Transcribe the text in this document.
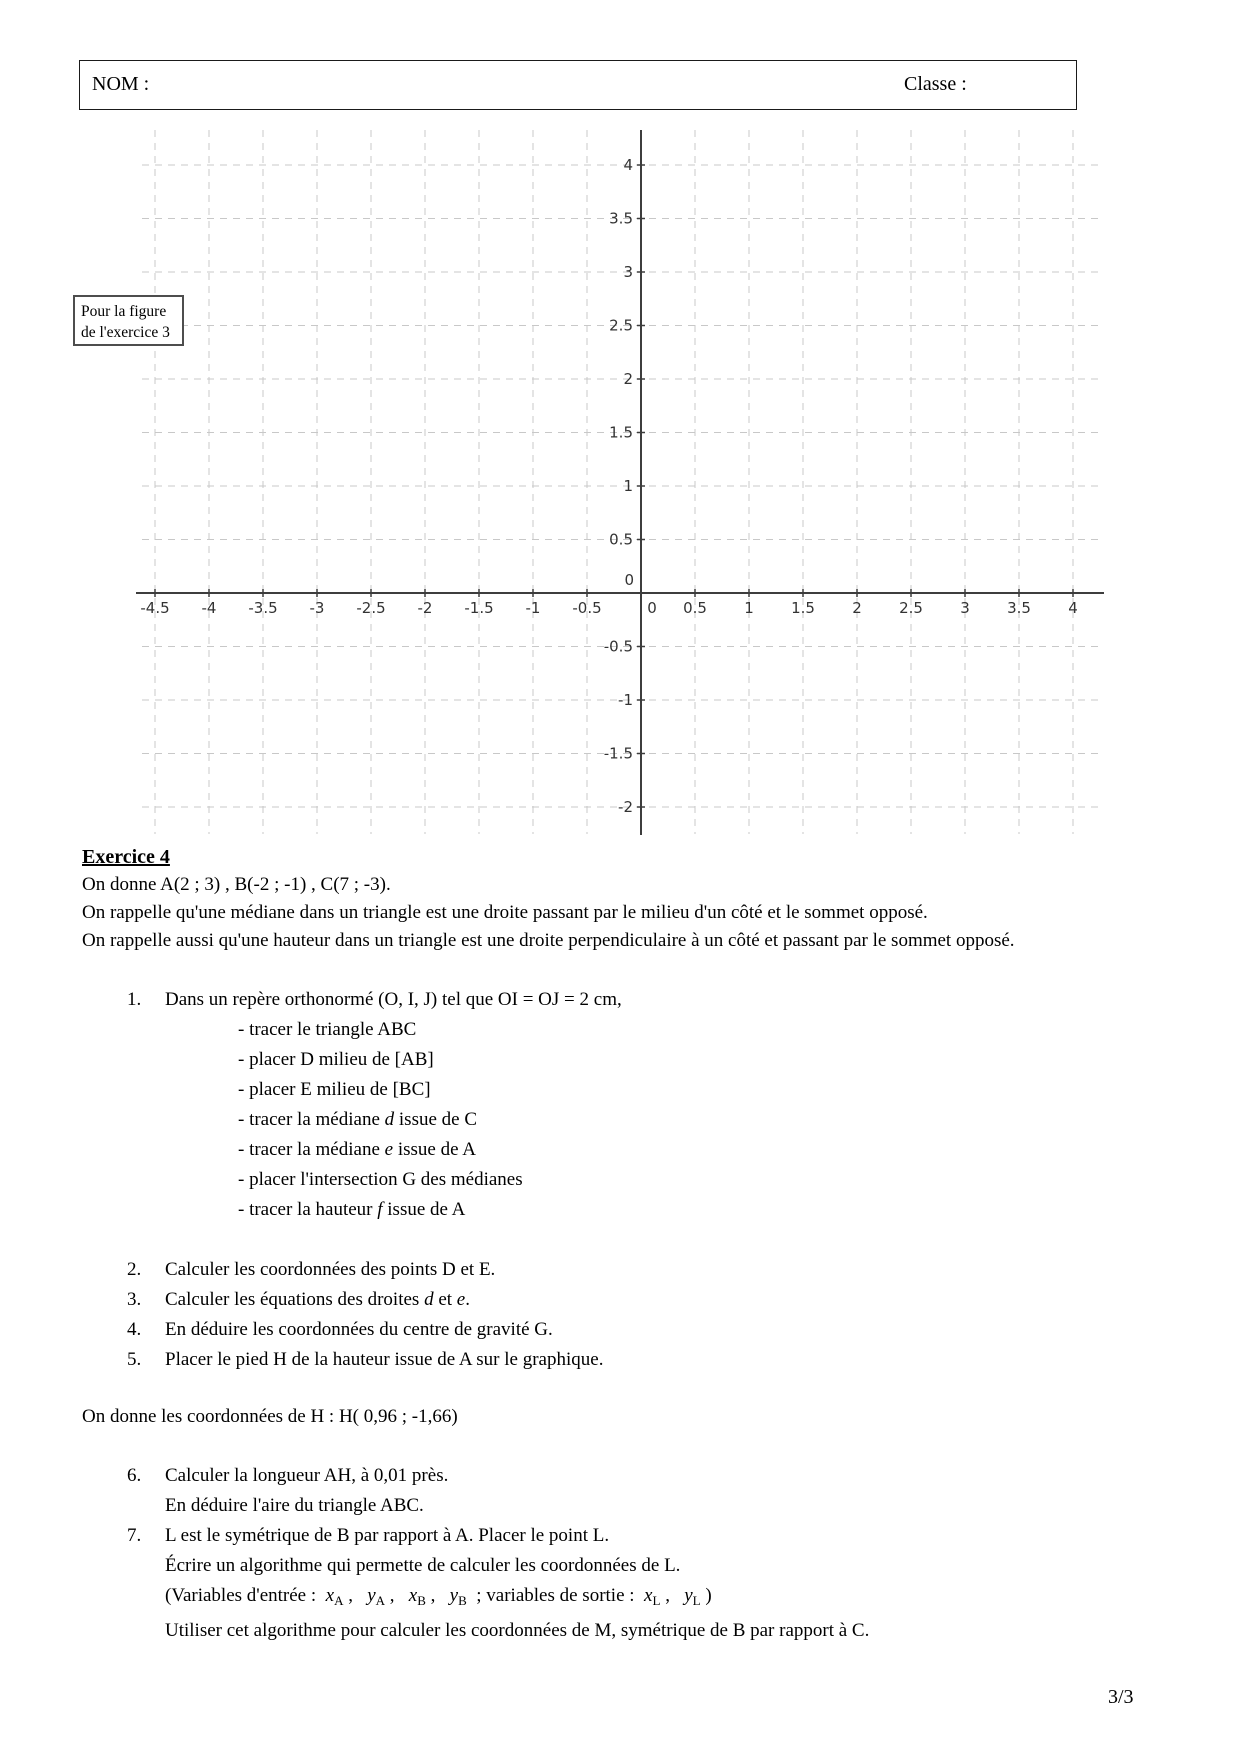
NOM :	Classe :
-4.5 -4 -3.5 -3 -2.5 -2 -1.5 -1 -0.5	0 0.5 1 1.5 2 2.5 3 3.5 4
4
3.5
3
2.5
2
1.5
1
0.5
-0.5
-1
-1.5
-2
0
Pour la figure
de l'exercice 3
Exercice 4
On donne A(2 ; 3) , B(-2 ; -1) , C(7 ; -3).
On rappelle qu'une médiane dans un triangle est une droite passant par le milieu d'un côté et le sommet opposé.
On rappelle aussi qu'une hauteur dans un triangle est une droite perpendiculaire à un côté et passant par le sommet opposé.
1.	Dans un repère orthonormé (O, I, J) tel que OI = OJ = 2 cm,
- tracer le triangle ABC
- placer D milieu de [AB]
- placer E milieu de [BC]
- tracer la médiane d issue de C
- tracer la médiane e issue de A
- placer l'intersection G des médianes
- tracer la hauteur f issue de A
2.	Calculer les coordonnées des points D et E.
3.	Calculer les équations des droites d et e.
4.	En déduire les coordonnées du centre de gravité G.
5.	Placer le pied H de la hauteur issue de A sur le graphique.
On donne les coordonnées de H : H( 0,96 ; -1,66)
6.	Calculer la longueur AH, à 0,01 près.
En déduire l'aire du triangle ABC.
7.	L est le symétrique de B par rapport à A. Placer le point L.
Écrire un algorithme qui permette de calculer les coordonnées de L.
(Variables d'entrée :  $x_A$ ,   $y_A$ ,   $x_B$ ,   $y_B$  ; variables de sortie :  $x_L$ ,   $y_L$ )
Utiliser cet algorithme pour calculer les coordonnées de M, symétrique de B par rapport à C.
3/3
